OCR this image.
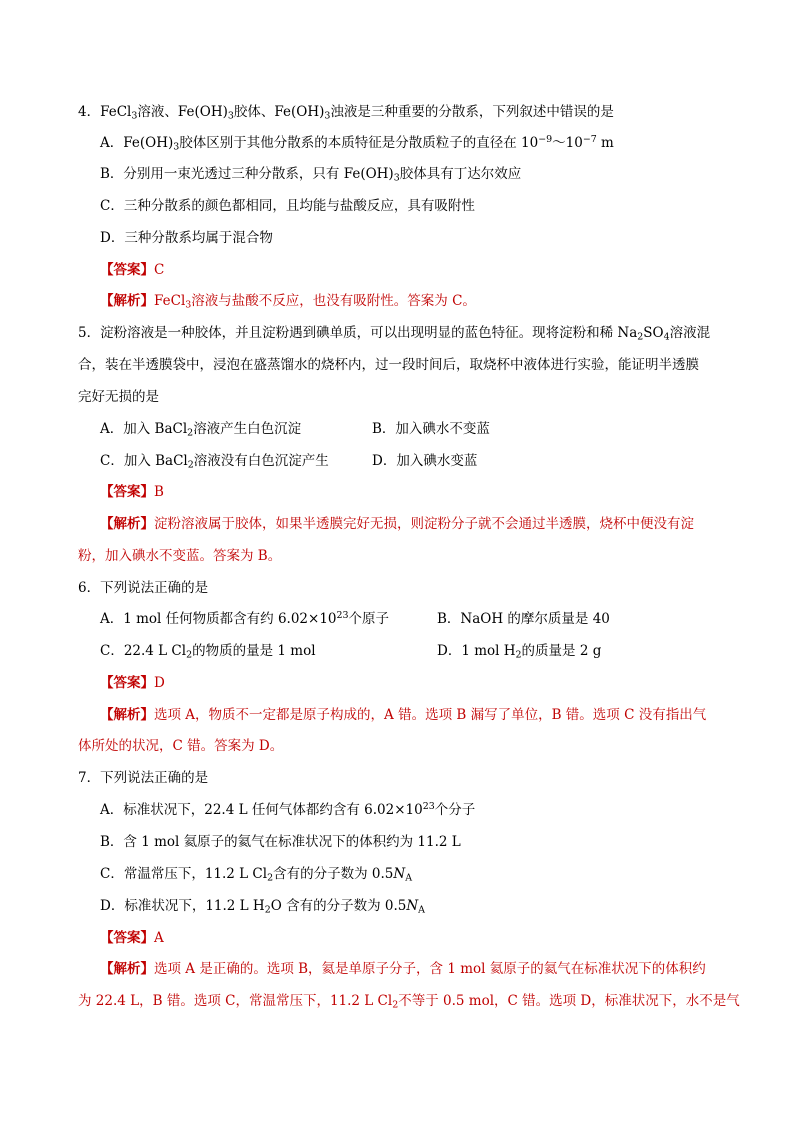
4．FeCl$_3$溶液、$Fe(OH)_3$胶体、$Fe(OH)_3$浊液是三种重要的分散系，下列叙述中错误的是
A．$Fe(OH)_3$胶体区别于其他分散系的本质特征是分散质粒子的直径在 $10^{-9}\sim 10^{-7}$ m
B．分别用一束光透过三种分散系，只有 $Fe(OH)_3$胶体具有丁达尔效应
C．三种分散系的颜色都相同，且均能与盐酸反应，具有吸附性
D．三种分散系均属于混合物
【答案】C
【解析】FeCl$_3$溶液与盐酸不反应，也没有吸附性。答案为 C。
5．淀粉溶液是一种胶体，并且淀粉遇到碘单质，可以出现明显的蓝色特征。现将淀粉和稀 $Na_2SO_4$溶液混
合，装在半透膜袋中，浸泡在盛蒸馏水的烧杯内，过一段时间后，取烧杯中液体进行实验，能证明半透膜
完好无损的是
A．加入 BaCl$_2$溶液产生白色沉淀	B．加入碘水不变蓝
C．加入 BaCl$_2$溶液没有白色沉淀产生	D．加入碘水变蓝
【答案】B
【解析】淀粉溶液属于胶体，如果半透膜完好无损，则淀粉分子就不会通过半透膜，烧杯中便没有淀
粉，加入碘水不变蓝。答案为 B。
6．下列说法正确的是
A．1 mol 任何物质都含有约 $6.02\times 10^{23}$个原子	B．NaOH 的摩尔质量是 40
C．22.4 L $Cl_2$的物质的量是 1 mol	D．1 mol $H_2$的质量是 2 g
【答案】D
【解析】选项 A，物质不一定都是原子构成的，A 错。选项 B 漏写了单位，B 错。选项 C 没有指出气
体所处的状况，C 错。答案为 D。
7．下列说法正确的是
A．标准状况下，22.4 L 任何气体都约含有 $6.02\times 10^{23}$个分子
B．含 1 mol 氦原子的氦气在标准状况下的体积约为 11.2 L
C．常温常压下，11.2 L $Cl_2$含有的分子数为 $0.5N_A$
D．标准状况下，11.2 L $H_2O$ 含有的分子数为 $0.5N_A$
【答案】A
【解析】选项 A 是正确的。选项 B，氦是单原子分子，含 1 mol 氦原子的氦气在标准状况下的体积约
为 22.4 L，B 错。选项 C，常温常压下，11.2 L $Cl_2$不等于 0.5 mol，C 错。选项 D，标准状况下，水不是气
